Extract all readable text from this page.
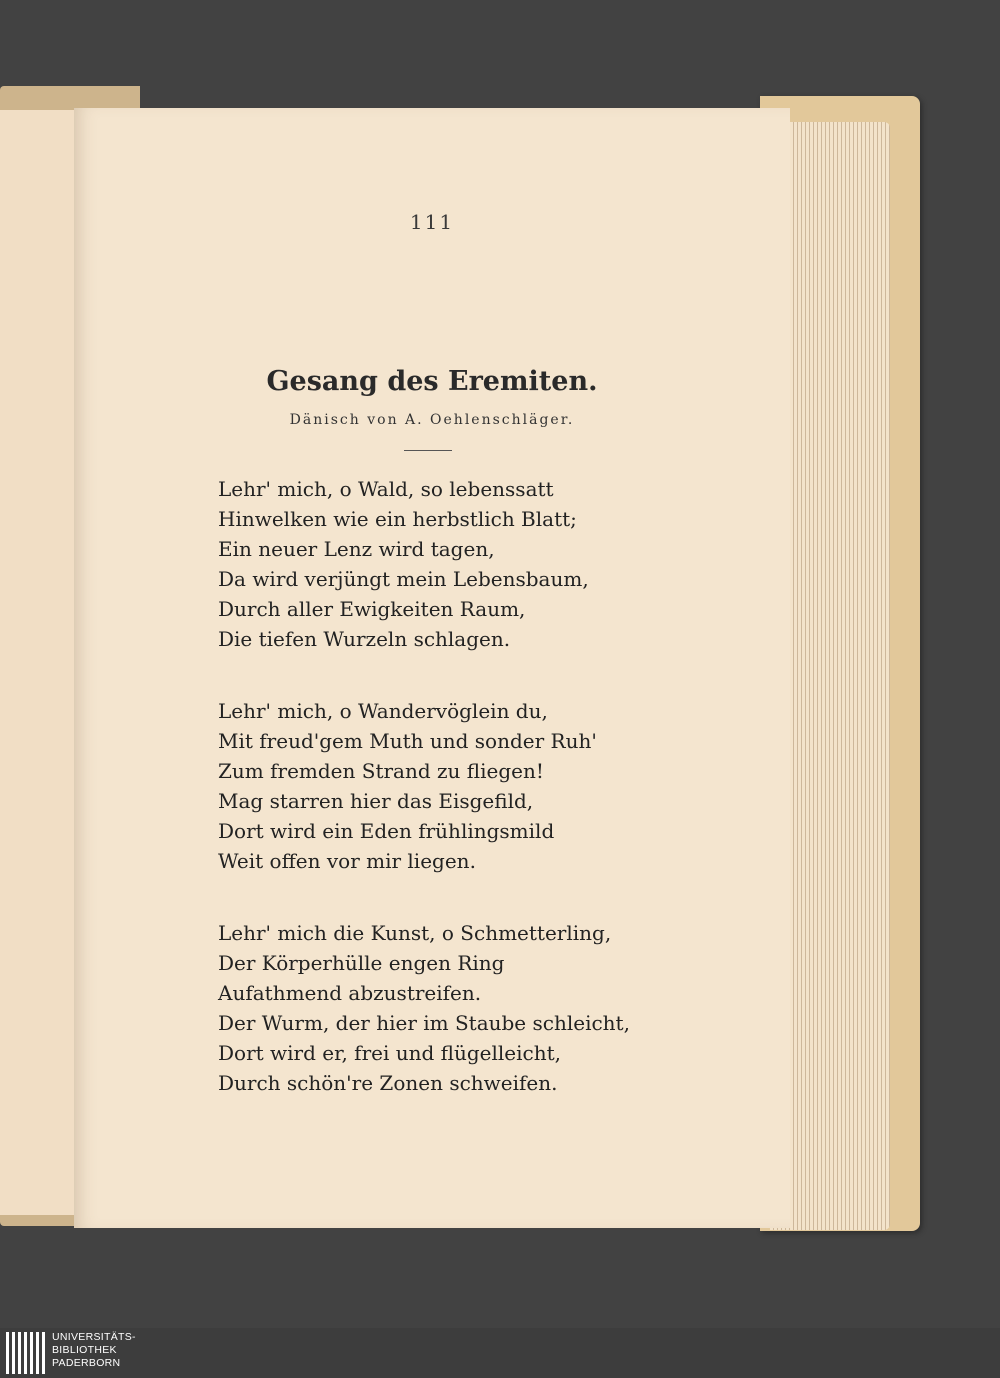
111
Gesang des Eremiten.
Dänisch von A. Oehlenschläger.
Lehr' mich, o Wald, so lebenssatt
Hinwelken wie ein herbstlich Blatt;
Ein neuer Lenz wird tagen,
Da wird verjüngt mein Lebensbaum,
Durch aller Ewigkeiten Raum,
Die tiefen Wurzeln schlagen.
Lehr' mich, o Wandervöglein du,
Mit freud'gem Muth und sonder Ruh'
Zum fremden Strand zu fliegen!
Mag starren hier das Eisgefild,
Dort wird ein Eden frühlingsmild
Weit offen vor mir liegen.
Lehr' mich die Kunst, o Schmetterling,
Der Körperhülle engen Ring
Aufathmend abzustreifen.
Der Wurm, der hier im Staube schleicht,
Dort wird er, frei und flügelleicht,
Durch schön're Zonen schweifen.
UNIVERSITÄTS-
BIBLIOTHEK
PADERBORN
